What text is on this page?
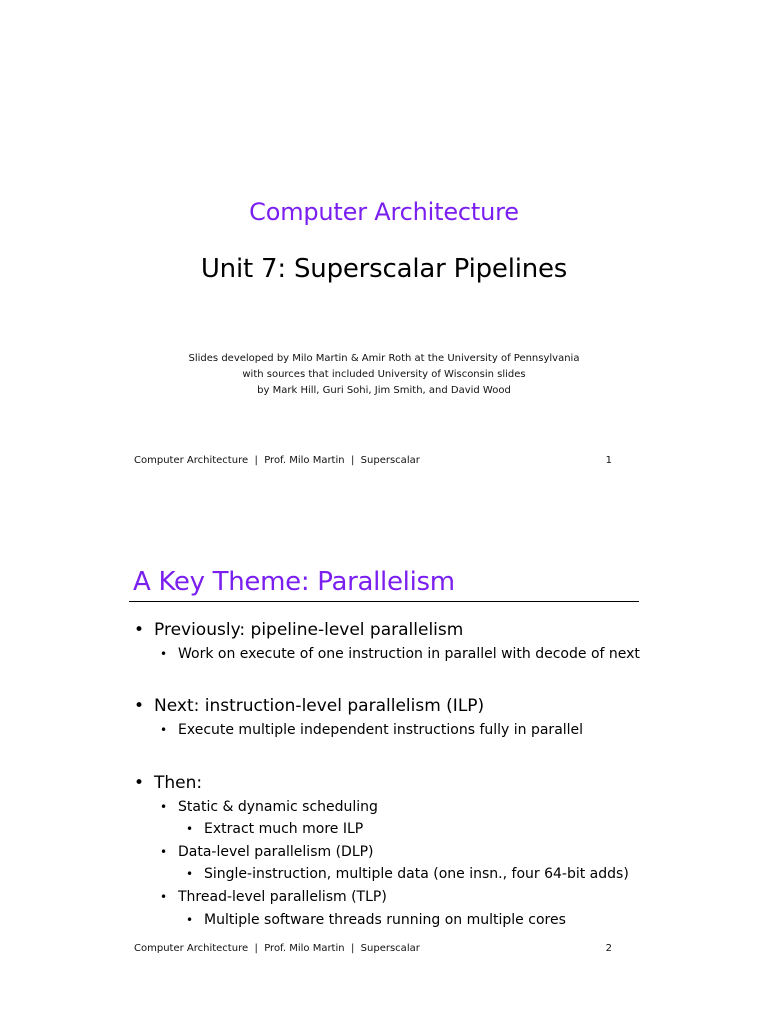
Computer Architecture
Unit 7: Superscalar Pipelines
Slides developed by Milo Martin & Amir Roth at the University of Pennsylvania
with sources that included University of Wisconsin slides
by Mark Hill, Guri Sohi, Jim Smith, and David Wood
Computer Architecture  |  Prof. Milo Martin  |  Superscalar	1
A Key Theme: Parallelism
• Previously: pipeline-level parallelism
• Work on execute of one instruction in parallel with decode of next
• Next: instruction-level parallelism (ILP)
• Execute multiple independent instructions fully in parallel
• Then:
• Static & dynamic scheduling
• Extract much more ILP
• Data-level parallelism (DLP)
• Single-instruction, multiple data (one insn., four 64-bit adds)
• Thread-level parallelism (TLP)
• Multiple software threads running on multiple cores
Computer Architecture  |  Prof. Milo Martin  |  Superscalar	2
